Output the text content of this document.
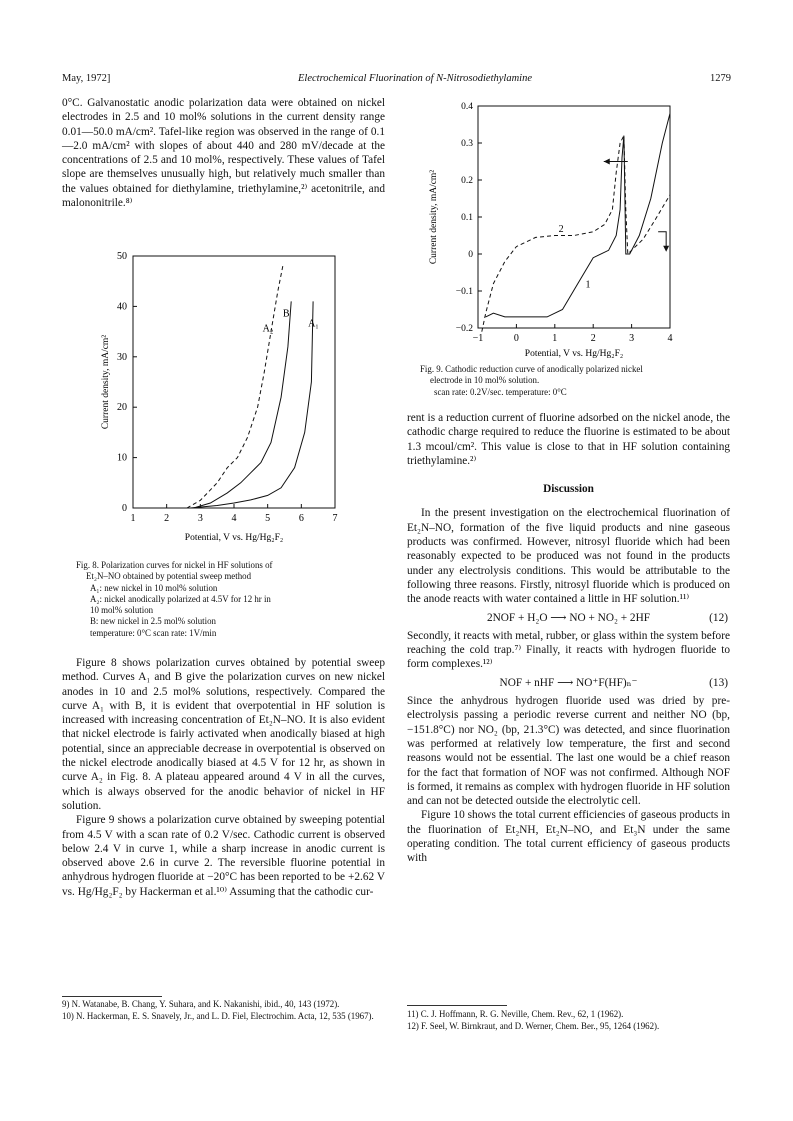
May, 1972]	Electrochemical Fluorination of N-Nitrosodiethylamine	1279

0°C. Galvanostatic anodic polarization data were obtained on nickel electrodes in 2.5 and 10 mol% solutions in the current density range 0.01—50.0 mA/cm². Tafel-like region was observed in the range of 0.1—2.0 mA/cm² with slopes of about 440 and 280 mV/decade at the concentrations of 2.5 and 10 mol%, respectively. These values of Tafel slope are themselves unusually high, but relatively much smaller than the values obtained for diethylamine, triethylamine,²⁾ acetonitrile, and malononitrile.⁸⁾

1	2	3	4	5	6	7
0
10
20
30
40
50
Potential, V vs. Hg/Hg₂F₂
Current density, mA/cm²
A₂
B
A₁
Fig. 8. Polarization curves for nickel in HF solutions of
Et₂N–NO obtained by potential sweep method
A₁: new nickel in 10 mol% solution
A₂: nickel anodically polarized at 4.5V for 12 hr in
10 mol% solution
B: new nickel in 2.5 mol% solution
temperature: 0°C scan rate: 1V/min

Figure 8 shows polarization curves obtained by potential sweep method. Curves A₁ and B give the polarization curves on new nickel anodes in 10 and 2.5 mol% solutions, respectively. Compared the curve A₁ with B, it is evident that overpotential in HF solution is increased with increasing concentration of Et₂N–NO. It is also evident that nickel electrode is fairly activated when anodically biased at high potential, since an appreciable decrease in overpotential is observed on the nickel electrode anodically biased at 4.5 V for 12 hr, as shown in curve A₂ in Fig. 8. A plateau appeared around 4 V in all the curves, which is always observed for the anodic behavior of nickel in HF solution.

Figure 9 shows a polarization curve obtained by sweeping potential from 4.5 V with a scan rate of 0.2 V/sec. Cathodic current is observed below 2.4 V in curve 1, while a sharp increase in anodic current is observed above 2.6 in curve 2. The reversible fluorine potential in anhydrous hydrogen fluoride at −20°C has been reported to be +2.62 V vs. Hg/Hg₂F₂ by Hackerman et al.¹⁰⁾ Assuming that the cathodic cur-

9) N. Watanabe, B. Chang, Y. Suhara, and K. Nakanishi, ibid., 40, 143 (1972).
10) N. Hackerman, E. S. Snavely, Jr., and L. D. Fiel, Electrochim. Acta, 12, 535 (1967).
−1	0	1	2	3	4
−0.2
−0.1
0
0.1
0.2
0.3
0.4
Potential, V vs. Hg/Hg₂F₂
Current density, mA/cm²
1
2
Fig. 9. Cathodic reduction curve of anodically polarized nickel
electrode in 10 mol% solution.
scan rate: 0.2V/sec. temperature: 0°C

rent is a reduction current of fluorine adsorbed on the nickel anode, the cathodic charge required to reduce the fluorine is estimated to be about 1.3 mcoul/cm². This value is close to that in HF solution containing triethylamine.²⁾

Discussion

In the present investigation on the electrochemical fluorination of Et₂N–NO, formation of the five liquid products and nine gaseous products was confirmed. However, nitrosyl fluoride which had been reasonably expected to be produced was not found in the products under any electrolysis conditions. This would be attributable to the following three reasons. Firstly, nitrosyl fluoride which is produced on the anode reacts with water contained a little in HF solution.¹¹⁾

2NOF + H₂O ⟶ NO + NO₂ + 2HF	(12)

Secondly, it reacts with metal, rubber, or glass within the system before reaching the cold trap.⁷⁾ Finally, it reacts with hydrogen fluoride to form complexes.¹²⁾

NOF + nHF ⟶ NO⁺F(HF)ₙ⁻	(13)

Since the anhydrous hydrogen fluoride used was dried by pre-electrolysis passing a periodic reverse current and neither NO (bp, −151.8°C) nor NO₂ (bp, 21.3°C) was detected, and since fluorination was performed at relatively low temperature, the first and second reasons would not be essential. The last one would be a chief reason for the fact that formation of NOF was not confirmed. Although NOF is formed, it remains as complex with hydrogen fluoride in HF solution and can not be detected outside the electrolytic cell.

Figure 10 shows the total current efficiencies of gaseous products in the fluorination of Et₂NH, Et₂N–NO, and Et₃N under the same operating condition. The total current efficiency of gaseous products with

11) C. J. Hoffmann, R. G. Neville, Chem. Rev., 62, 1 (1962).
12) F. Seel, W. Birnkraut, and D. Werner, Chem. Ber., 95, 1264 (1962).
